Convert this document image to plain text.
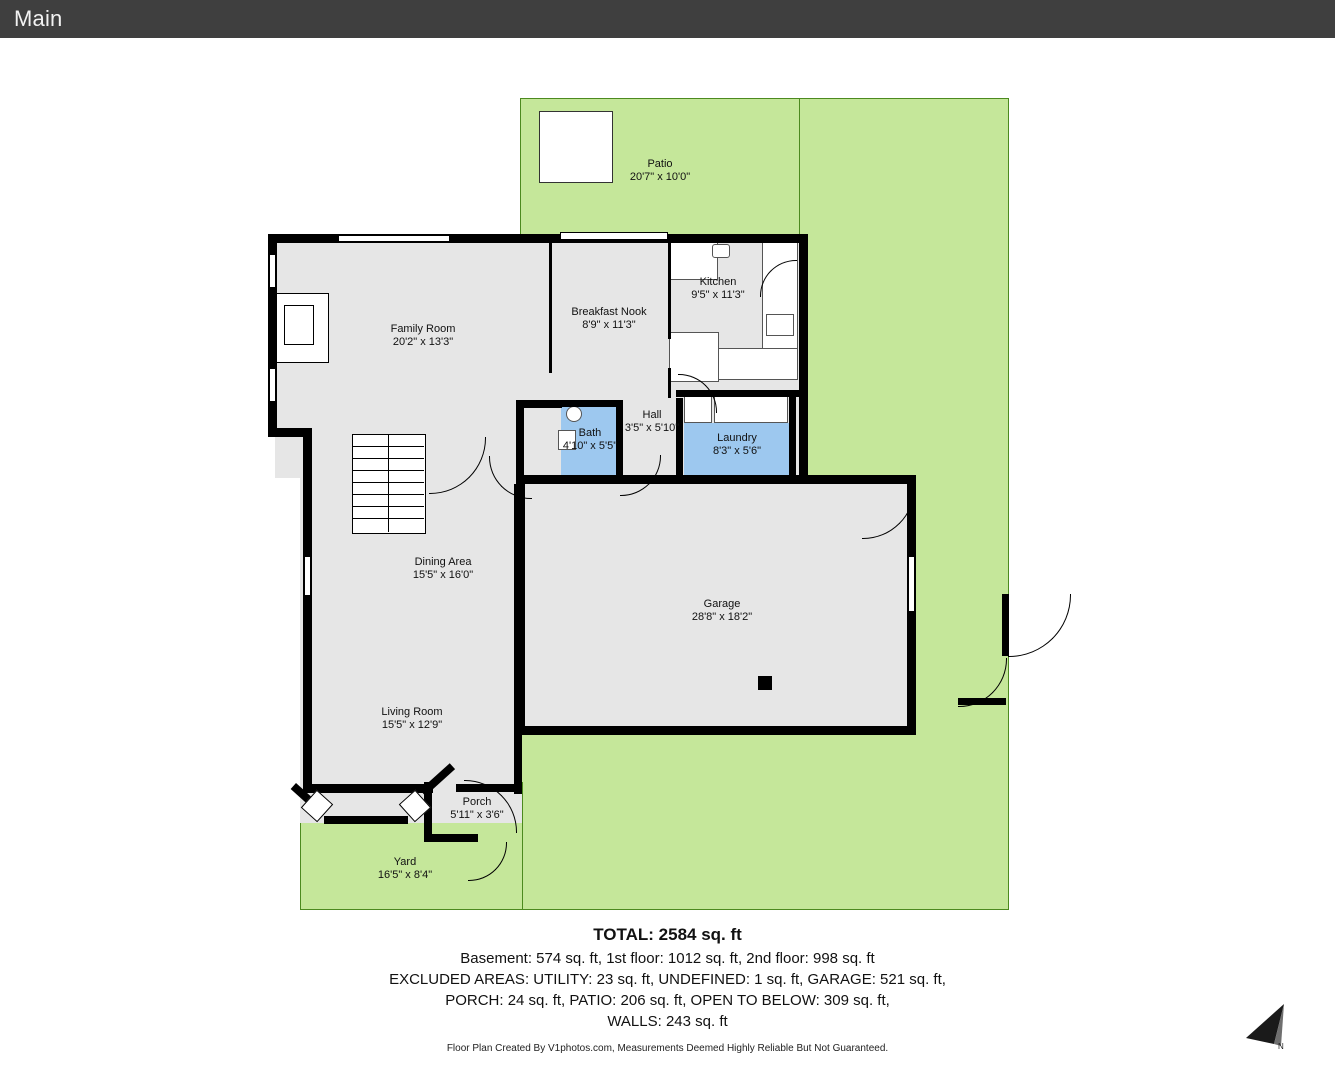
Main
Patio
20'7" x 10'0"
Kitchen
9'5" x 11'3"
Breakfast Nook
8'9" x 11'3"
Family Room
20'2" x 13'3"
Hall
3'5" x 5'10"
Bath
4'10" x 5'5"
Laundry
8'3" x 5'6"
Dining Area
15'5" x 16'0"
Garage
28'8" x 18'2"
Living Room
15'5" x 12'9"
Porch
5'11" x 3'6"
Yard
16'5" x 8'4"
TOTAL: 2584 sq. ft
Basement: 574 sq. ft, 1st floor: 1012 sq. ft, 2nd floor: 998 sq. ft
EXCLUDED AREAS: UTILITY: 23 sq. ft, UNDEFINED: 1 sq. ft, GARAGE: 521 sq. ft,
PORCH: 24 sq. ft, PATIO: 206 sq. ft, OPEN TO BELOW: 309 sq. ft,
WALLS: 243 sq. ft
Floor Plan Created By V1photos.com, Measurements Deemed Highly Reliable But Not Guaranteed.	N
